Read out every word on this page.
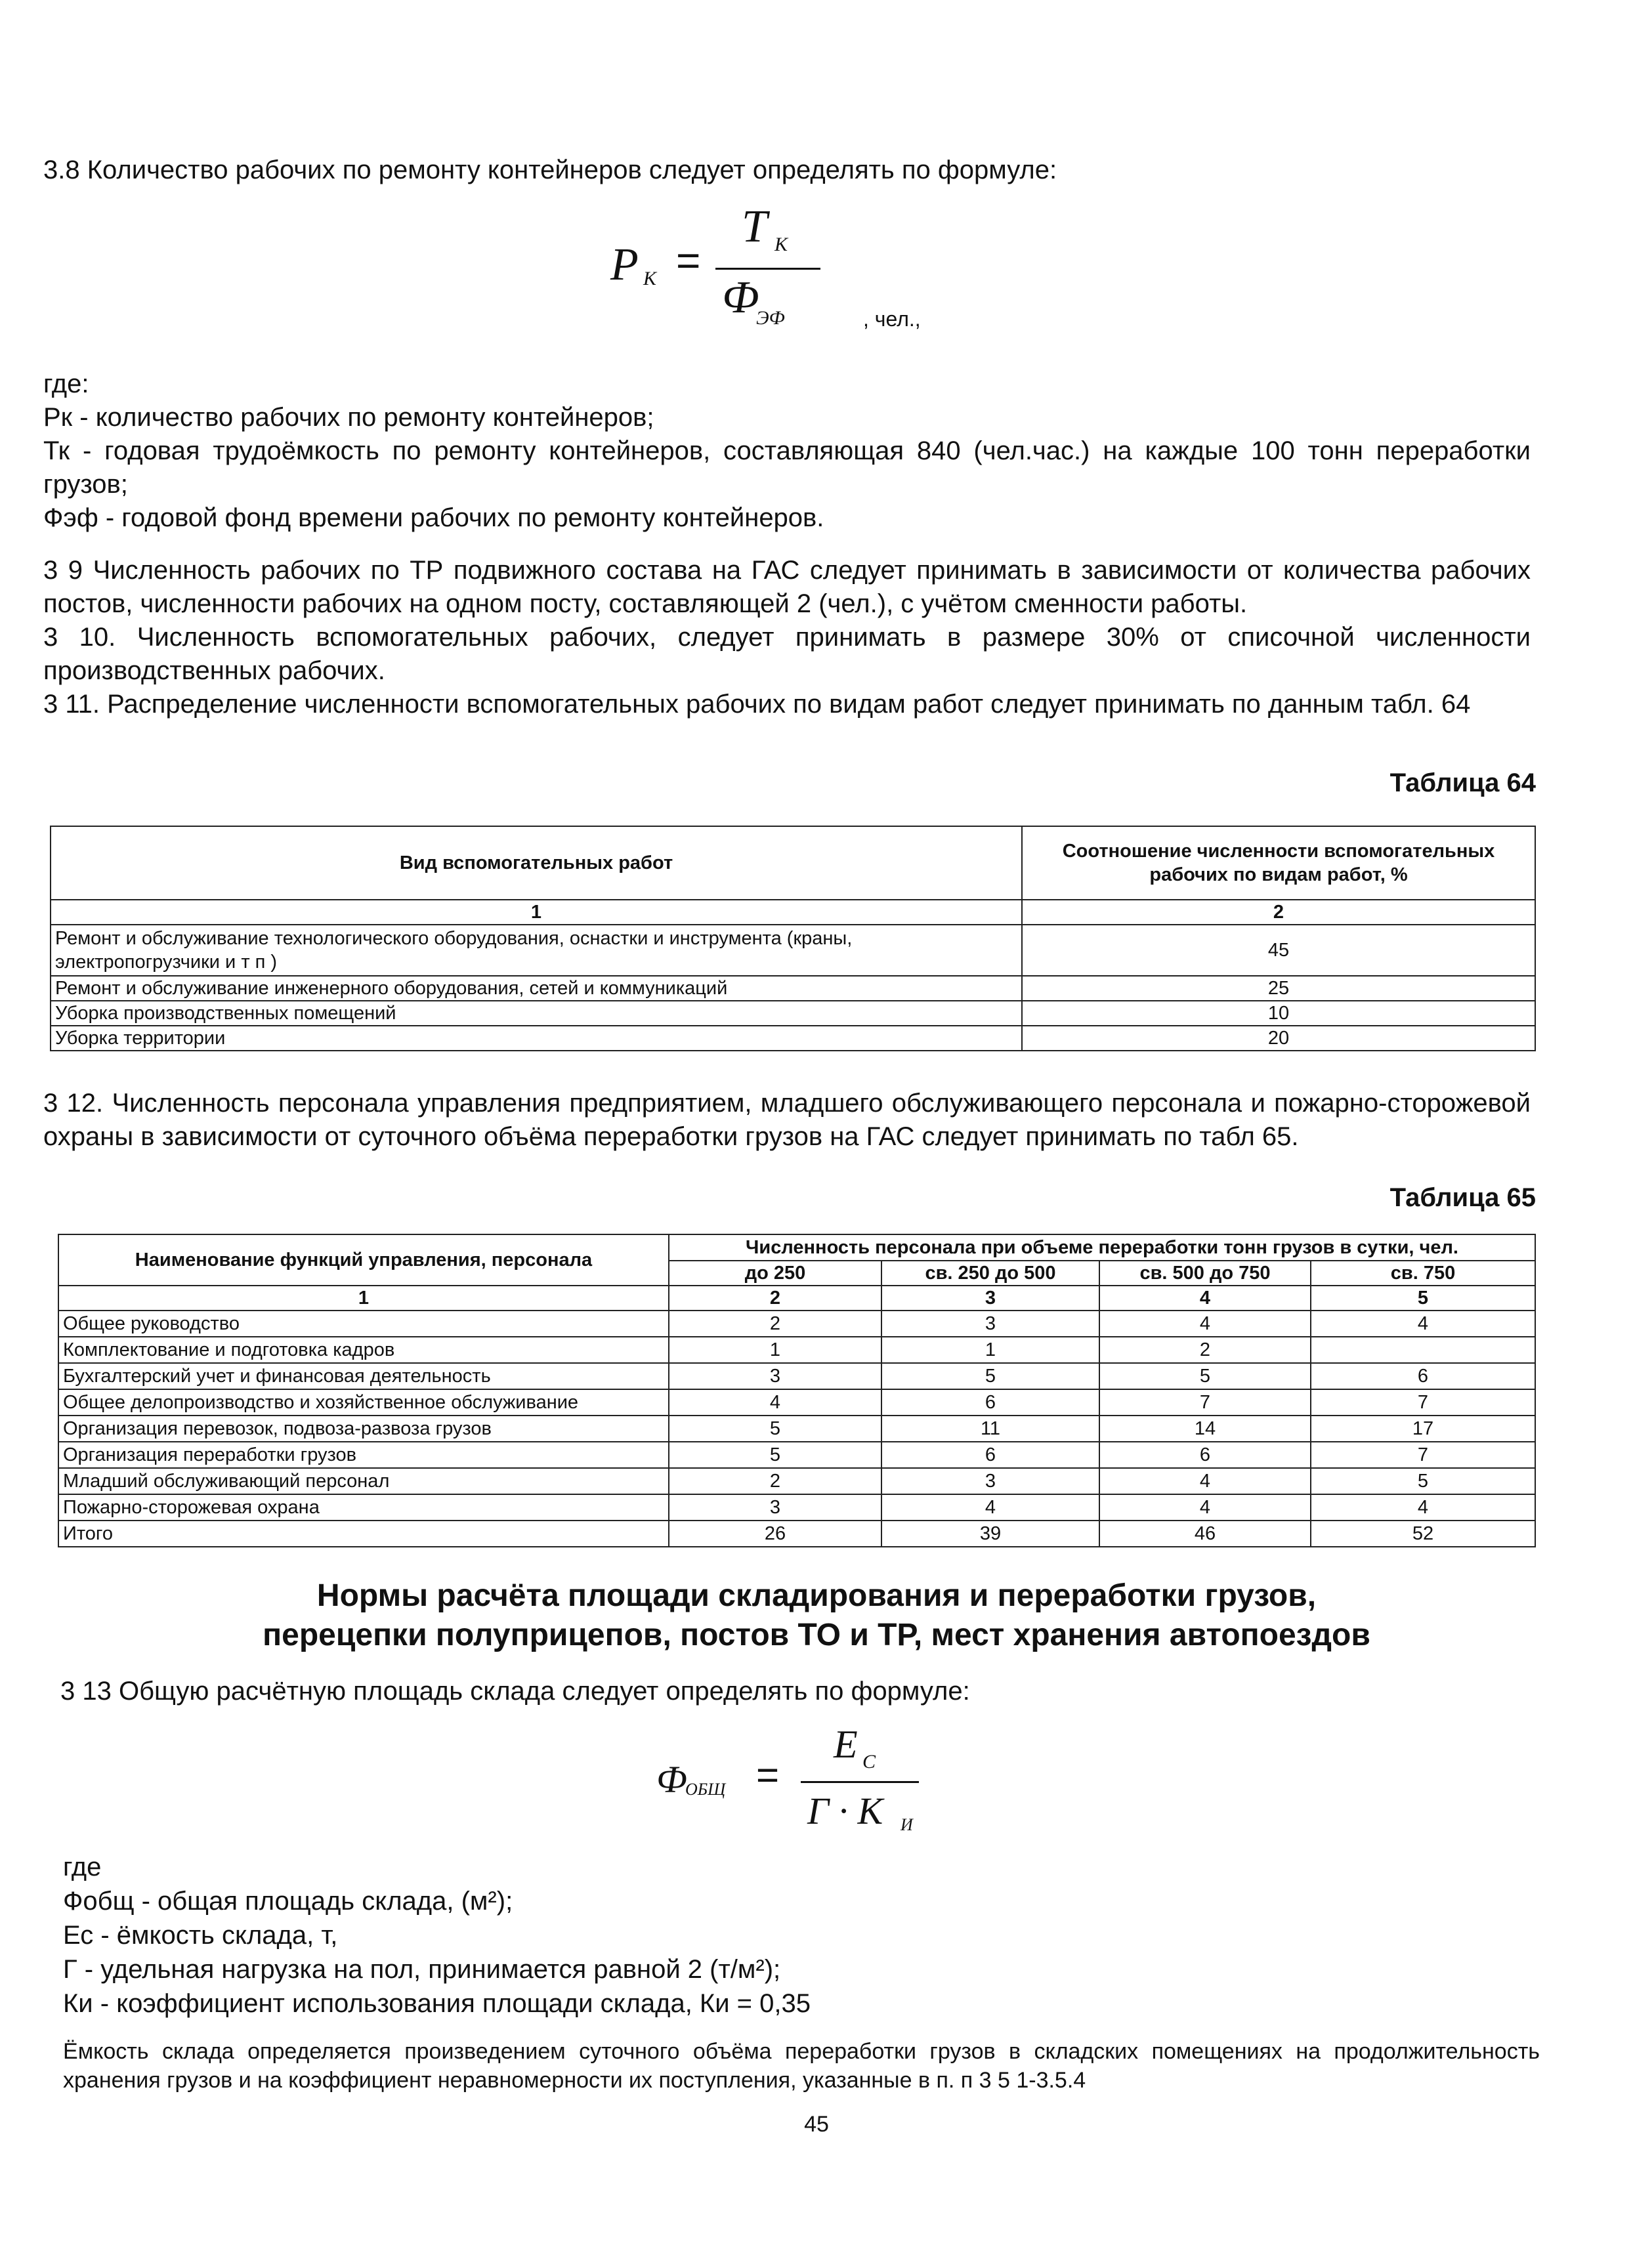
3.8 Количество рабочих по ремонту контейнеров следует определять по формуле:
P К =
T К
Ф
ЭФ	, чел.,
где:
Рк - количество рабочих по ремонту контейнеров;
Тк - годовая трудоёмкость по ремонту контейнеров, составляющая 840 (чел.час.) на каждые 100 тонн переработки грузов;
Фэф - годовой фонд времени рабочих по ремонту контейнеров.
3 9 Численность рабочих по ТР подвижного состава на ГАС следует принимать в зависимости от количества рабочих постов, численности рабочих на одном посту, составляющей 2 (чел.), с учётом сменности работы.
3 10. Численность вспомогательных рабочих, следует принимать в размере 30% от списочной численности производственных рабочих.
3 11. Распределение численности вспомогательных рабочих по видам работ следует принимать по данным табл. 64
Таблица 64
Вид вспомогательных работ	Соотношение численности вспомогательных рабочих по видам работ, %
1	2
Ремонт и обслуживание технологического оборудования, оснастки и инструмента (краны, электропогрузчики и т п )	45
Ремонт и обслуживание инженерного оборудования, сетей и коммуникаций	25
Уборка производственных помещений	10
Уборка территории	20
3 12. Численность персонала управления предприятием, младшего обслуживающего персонала и пожарно-сторожевой охраны в зависимости от суточного объёма переработки грузов на ГАС следует принимать по табл 65.
Таблица 65
Наименование функций управления, персонала	Численность персонала при объеме переработки тонн грузов в сутки, чел.			
	до 250	св. 250 до 500	св. 500 до 750	св. 750
1	2	3	4	5
Общее руководство	2	3	4	4
Комплектование и подготовка кадров	1	1	2	
Бухгалтерский учет и финансовая деятельность	3	5	5	6
Общее делопроизводство и хозяйственное обслуживание	4	6	7	7
Организация перевозок, подвоза-развоза грузов	5	11	14	17
Организация переработки грузов	5	6	6	7
Младший обслуживающий персонал	2	3	4	5
Пожарно-сторожевая охрана	3	4	4	4
Итого	26	39	46	52
Нормы расчёта площади складирования и переработки грузов,
перецепки полуприцепов, постов ТО и ТР, мест хранения автопоездов
3 13 Общую расчётную площадь склада следует определять по формуле:
Ф
ОБЩ =
E C
Г · K И
где
Фобщ - общая площадь склада, (м²);
Ес - ёмкость склада, т,
Г - удельная нагрузка на пол, принимается равной 2 (т/м²);
Ки - коэффициент использования площади склада, Ки = 0,35
Ёмкость склада определяется произведением суточного объёма переработки грузов в складских помещениях на продолжительность хранения грузов и на коэффициент неравномерности их поступления, указанные в п. п 3 5 1-3.5.4
45
